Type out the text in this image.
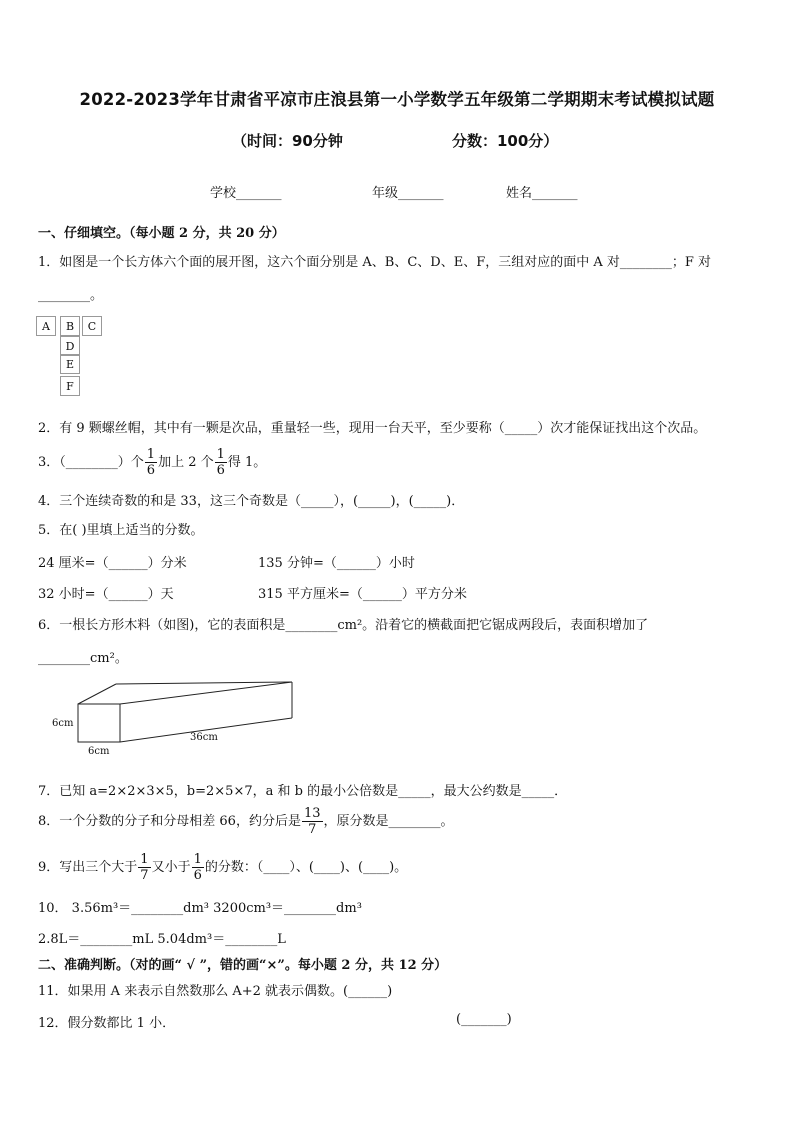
2022-2023学年甘肃省平凉市庄浪县第一小学数学五年级第二学期期末考试模拟试题
（时间：90分钟	分数：100分）
学校_______	年级_______	姓名_______
一、仔细填空。（每小题 2 分，共 20 分）
1．如图是一个长方体六个面的展开图，这六个面分别是 A、B、C、D、E、F，三组对应的面中 A 对________；F 对
________。
A	B	C
D
E
F
2．有 9 颗螺丝帽，其中有一颗是次品，重量轻一些，现用一台天平，至少要称（_____）次才能保证找出这个次品。
3．（________）个 $\frac{1}{6}$ 加上 2 个 $\frac{1}{6}$ 得 1。
4．三个连续奇数的和是 33，这三个奇数是（_____），(_____)，(_____)．
5．在( )里填上适当的分数。
24 厘米=（______）分米	135 分钟=（______）小时
32 小时=（______）天	315 平方厘米=（______）平方分米
6．一根长方形木料（如图)，它的表面积是________cm²。沿着它的横截面把它锯成两段后，表面积增加了
________cm²。
6cm
6cm
36cm
7．已知 a=2×2×3×5，b=2×5×7，a 和 b 的最小公倍数是_____，最大公约数是_____．
8．一个分数的分子和分母相差 66，约分后是 $\frac{13}{7}$ ，原分数是________。
9．写出三个大于 $\frac{1}{7}$ 又小于 $\frac{1}{6}$ 的分数：（____）、(____)、(____)。
10． 3.56m³＝________dm³ 3200cm³＝________dm³
2.8L＝________mL 5.04dm³＝________L
二、准确判断。（对的画“ √ ”，错的画“×”。每小题 2 分，共 12 分）
11．如果用 A 来表示自然数那么 A+2 就表示偶数。(______)
12．假分数都比 1 小．	(_______)
